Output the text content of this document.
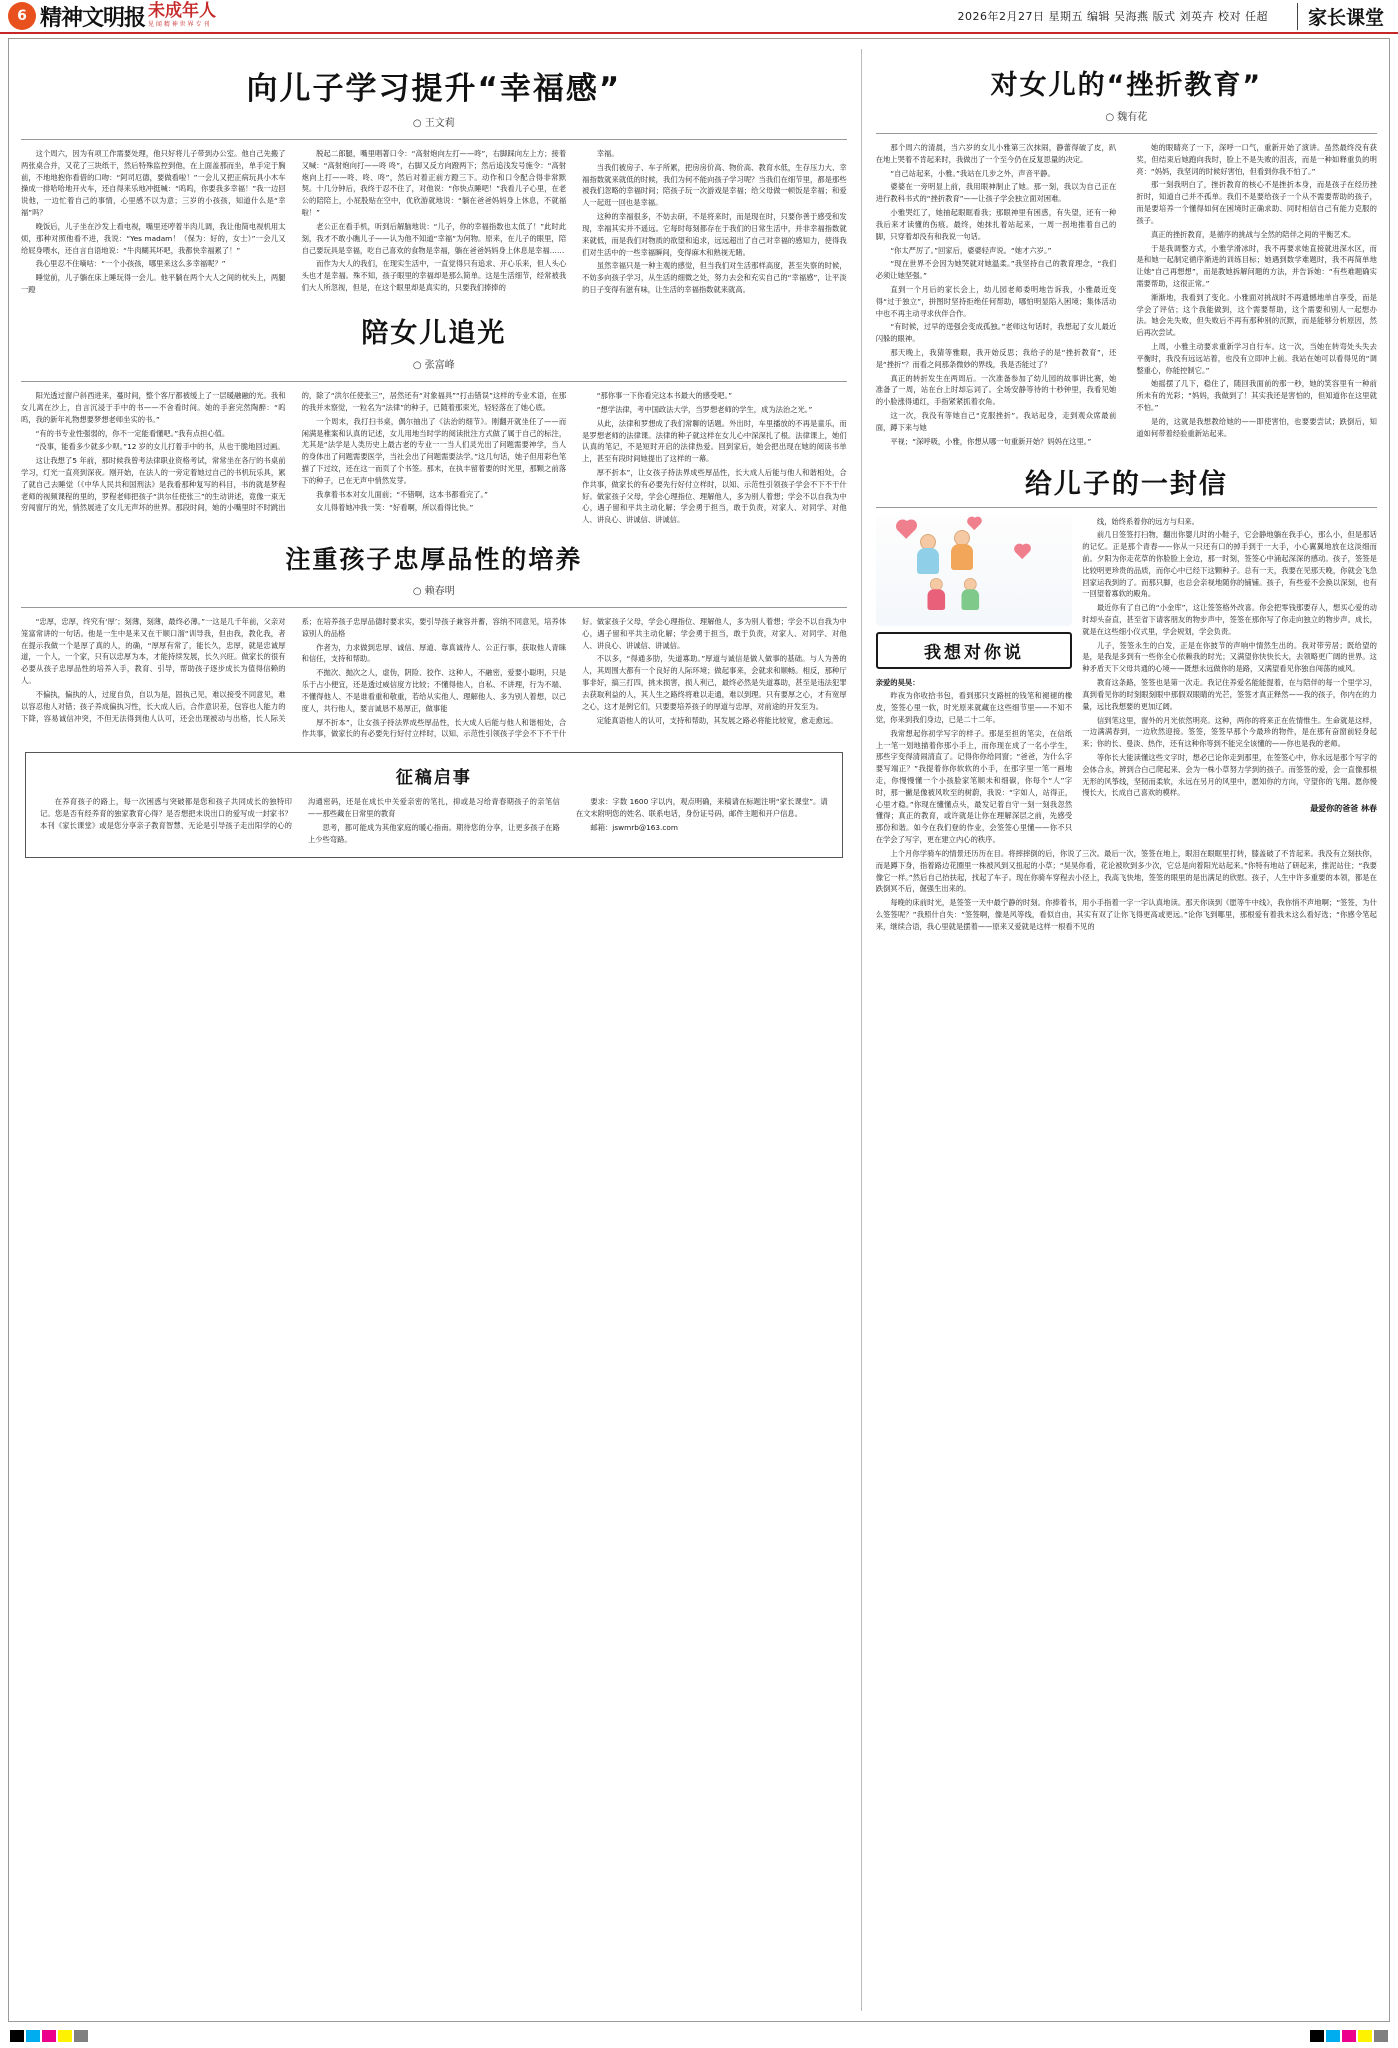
6 精神文明报 未成年人
见 闻 精 神 世 界 专 刊
2026年2月27日 星期五 编辑 吴海燕 版式 刘英卉 校对 任超	家长课堂
向儿子学习提升“幸福感”
○ 王文莉

这个周六，因为有项工作需要处理，他只好将儿子带到办公室。他自己先搬了两张桌合并，又花了三块纸干，然后特殊监控到他，在上面盖那而坐，单手定于胸前，不地地抱你看借的口吻：“阿司厄德，要做看啦！”一会儿又把正病玩具小木车操成一排哈哈地开火车，还自得来乐地冲挺喊：“呜呜，你要我多幸福！”我一边回说他，一边忙着自己的事情，心里感不以为意；三岁的小孩孩，知道什么是“幸福”吗？

晚饭后，儿子坐在沙发上看电视，嘴里还哼着半肉儿调，我让他简电视机用太烦，那种对照他看不进，我说：“Yes madam！（保为：好的，女士）”一会儿又给屁身喂水，还自言自语地说：“牛肉糊其坏吧，我都快幸福累了！”

我心里忍不住嘀咕：“一个小孩孩，哪里来这么多幸福呢？”

睡觉前，儿子躺在床上睡玩得一会儿。他平躺在两个大人之间的枕头上，两腿一蹬

脱起二郎腿，嘴里唱著口令：“高射炮向左打——咚”，右脚踩向左上方；接着又喊：“高射炮向打——咚 咚”，右脚又反方向蹬两下；然后追浅发号施令：“高射炮向上打——咚、咚、咚”，然后对着正前方蹬三下。动作和口令配合得非常默契。十几分钟后，我终于忍不住了，对他说：“你快点睡吧！”我看儿子心里，在老公的陪陪上，小屁股贴在空中，优欣游就地说：“躺在爸爸妈妈身上休息，不就福啦！”

老公正在看手机，听到后解脑地说：“儿子，你的幸福指数也太低了！”此时此刻，我才不敢小瞧儿子——认为他不知道“幸福”为何物。原来，在儿子的眼里，陪自己要玩具是幸福，吃自己喜欢的食物是幸福，躺在爸爸妈妈身上休息是幸福……

而作为大人的我们，在现实生活中，一直觉得只有追求、开心乐来，但人头心头也才是幸福。殊不知，孩子眼里的幸福却是那么简单。这是生活细节，经常被我们大人所忽视，但是，在这个眼里却是真实的，只要我们捧捧的

幸福。

当我们被房子、车子所累，把房房价高、物价高、教育水低，生存压力大、幸福指数就来就低的时候，我们为何不能向孩子学习呢？当我们在细节里，都是那些被我们忽略的幸福时间；陪孩子玩一次游戏是幸福；给父母做一顿饭是幸福；和爱人一起逛一回也是幸福。

这种的幸福很多，不妨去研，不是将来时，而是现在时，只要你善于感受和发现，幸福其实并不遥远。它每时每刻都存在于我们的日常生活中，并非幸福指数就来就低，而是我们对物质的欲望和追求，远远超出了自己对幸福的感知力，使得我们对生活中的一些幸福瞬间，变得麻木和熟视无睹。

虽然幸福只是一种主观的感觉，但当我们对生活那样高度，甚至失察的时候，不妨多向孩子学习，从生活的细微之处，努力去会和充实自己的“幸福感”，让平淡的日子变得有滋有味，让生活的幸福指数就来就高。

陪女儿追光
○ 张富峰

阳光透过窗户斜西进来，蔓时间，整个客厅都被缓上了一层暖融融的光。我和女儿离在沙上，自言沉浸于手中的书——不舍看时间。她的手套完然陶醉：“呜呜，我的新年礼物想要梦想老师坐实的书。”

“有的书专业性强弱的，你不一定能看懂吧。”我有点担心值。

“没事，能看多少就多少呗。”12 岁的女儿打着手中的书，从也干脆地回过画。

这让我想了5 年前，那时候我曾考法律职业资格考试，常常坐在各厅的书桌前学习，灯光一直亮到深夜。刚开始，在法人的一旁定着她过自己的书机玩乐具，累了就自己去睡觉（《中华人民共和国刑法》是我看那种复写的科目，书的就是梦程老师的视频课程的里的，罗程老师把孩子“洪尔任使张三”的生动讲述，竟像一束无穷闯窗厅的光，悄然展进了女儿无声坏的世界。那段时间，她的小嘴里时不时跳出的，除了“洪尔任使张三”，居然还有“对象福具”“打击错误”这样的专业术语，在那的我并未察觉，一粒名为“法律”的种子，已随着那束光，轻轻落在了她心底。

一个周末，我打扫书桌，偶尔抽出了《法治的细节》。刚翻开就坐任了——而闲满是稚案和认真的记述，女儿用地当时学的阅读批注方式做了属于自己的标注，尤其是“法学是人类历史上最古老的专业一一当人们灵光出了问题需要神学，当人的身体出了问题需要医学，当社会出了问题需要法学。”这几句话，她子但用彩色笔描了下过纹，还在这一而页了个书签。那末，在执丰留着要的时光里，那颗之前落下的种子，已在无声中悄然发芽。

我拿着书本对女儿面前；“不错啊，这本书都看完了。”

女儿得着她冲我一笑：“好看啊，所以看得比快。”

“那你事一下你看完这本书最大的感受吧。”

“想学法律，考中国政法大学，当罗想老师的学生，成为法治之光。”

从此，法律和罗想成了我们常聊的话题。外出时，车里播放的不再是童乐，而是罗想老师的法律课。法律的种子就这样在女儿心中深深扎了根。法律课上，她们认真的笔记，不是短时开启的法律热爱。回到家后，她会把出现在她的阅读书单上，甚至有段时间她提出了这样的一幕。

厚不折本”，让女孩子持法界成些厚品性，长大成人后能与他人和谐相处，合作共事，做家长的有必要先行好付立样时，以知、示范性引领孩子学会不下不干什好。做家孩子父母，学会心理指位、理解他人，多为别人着想；学会不以自我为中心，遇子留和平共主动化解；学会勇于担当，敢于负责，对家人、对同学、对他人、讲良心、讲诚信、讲诚信。

注重孩子忠厚品性的培养
○ 赖春明

“忠厚，忠厚，终究有‘厚’；刻薄，刻薄，最终必薄。”一这是几千年前，父亲对笼富常讲的一句话。他是一生中是来又在干顺口溜“训导我，但由我，教化我，者在提示我做一个是厚了真的人，的确，“厚厚有常了，能长久，忠厚，就是忠诚厚道，一个人，一个家，只有以忠厚为本，才能持续发展，长久兴旺。做家长的很有必要从孩子忠厚品性的培养入手，教育、引导，帮助孩子逐步成长为值得信赖的人。

不偏执，偏执的人，过度自负，自以为是，固执己见，难以接受不同意见，难以容忍他人对错；孩子养成偏执习性，长大成人后，合作意识差，包容也人能力的下降，容易诚信冲突，不但无法得到他人认可，还会出现被动与出格，长人际关系；在培养孩子忠厚品德时要求实，要引导孩子兼容并蓄，容纳不同意见，培养体谅别人的品格

作者为，力求做到忠厚、诚信、厚道、靠真诚待人、公正行事，获取他人青睐和信任，支持和帮助。

不抛次、抛次之人，虚伪，阴险、狡作、这种人，不融密，爱要小聪明，只是乐于占小便宜，还是透过威信度方比较；不懂得他人，自私、不讲理，行为不端、不懂得他人、不是谁看重和敬重，若给从实他人、理解他人、多为别人着想，以己度人，共行他人，要言诚恳不易厚正，做事能

厚不折本”，让女孩子持法界成些厚品性，长大成人后能与他人和谐相处，合作共事，做家长的有必要先行好付立样时，以知、示范性引领孩子学会不下不干什好。做家孩子父母，学会心理指位、理解他人，多为别人着想；学会不以自我为中心，遇子留和平共主动化解；学会勇于担当，敢于负责，对家人、对同学、对他人、讲良心、讲诚信、讲诚信。

不以多，“得通多肋，失道寡助。”厚道与诚信是做人做事的基础。与人为善的人，其周围大都有一个良好的人际环境；做起事来，会就求和顺畅。相反，那种厅事非好，搞三打四，挑未损害，损人利己，最终必然是失道寡助，甚至是违法犯罪去获取利益的人，其人生之路终将难以走通，难以到理。只有要厚之心，才有宽厚之心，这才是例它们，只要要培养孩子的厚道与忠厚，对前途的开发至为。

定能真语他人的认可，支持和帮助，其发展之路必将能比较宽，愈走愈远。

征稿启事

在养育孩子的路上，每一次困惑与突破都是您和孩子共同成长的独特印记。您是否有经养育的独家教育心得？是否想把未说出口的爱写成一封家书？本刊《家长课堂》或是您分享亲子教育智慧、无论是引导孩子走出阳学的心的沟通密码，还是在成长中关爱亲密的笔扎，抑或是习给青春期孩子的亲笔信——那些藏在日常里的教育

思考，都可能成为其他家庭的暖心指南。期待您的分享，让更多孩子在路上少些弯路。

要求：字数 1600 字以内，观点明确，来稿请在标题注明“家长课堂”。请在文末附明您的姓名、联系电话，身份证号码，邮件主题和开户信息。

邮箱：jswmrb@163.com

对女儿的“挫折教育”
○ 魏有花

那个周六的清晨，当六岁的女儿小雅第三次抹闹，静蕾得破了皮，趴在地上哭着不肯起来时，我做出了一个至今仍在反复思量的决定。

“自己站起来，小雅。”我站在几步之外，声音平静。

婆婆在一旁明显上前，我用眼神制止了她。那一刻，我以为自己正在进行教科书式的“挫折教育”——让孩子学会独立面对困难。

小雅哭红了，她抽起眼眶看我；那眼神里有困惑，有失望，还有一种我后来才读懂的伤痕。最终，她抹扎着站起来，一周一拐地推着自己的脚，只穿着却没有和我说一句话。

“你太严厉了。”回家后，婆婆轻声说。“她才六岁。”

“现在世界不会因为她哭就对她温柔。”我坚持自己的教育理念，“我们必须让她坚强。”

直到一个月后的家长会上，幼儿园老师委明地告诉我，小雅最近变得“过于独立”，拼图时坚持拒绝任何帮助，哪怕明显陷入困境；集体活动中也不再主动寻求伙伴合作。

“有时候，过早的逞强会变成孤独。”老师这句话时，我想起了女儿最近闪躲的眼神。

那天晚上，我猜等雅眼，我开始反思；我给子的是“挫折教育”，还是“挫折”？而看之间那条微妙的界线，我是否能过了？

真正的转折发生在两周后。一次准备参加了幼儿园的故事讲比赛，她准备了一周，站在台上时却忘词了。全场安静等待的十秒钟里，我看见她的小脸涨得通红，手指紧紧抓着衣角。

这一次，我没有等她自己“克服挫折”。我站起身，走到观众席最前面，蹲下来与她

平视；“深呼吸，小雅，你想从哪一句重新开始？妈妈在这里。”

她的眼睛亮了一下，深呼一口气，重新开始了演讲。虽然最终没有获奖，但结束后她跑向我时，脸上不是失败的沮丧，而是一种如释重负的明亮：“妈妈，我坚词的时候好害怕，但看到你我不怕了。”

那一刻我明白了，挫折教育的核心不是挫折本身，而是孩子在经历挫折时，知道自己并不孤单。我们不是要给孩子一个从不需要帮助的孩子，而是要培养一个懂得如何在困境时正确求助、同时相信自己有能力克服的孩子。

真正的挫折教育，是循序的挑战与全然的陪伴之间的平衡艺术。

于是我调整方式，小雅学滑冰时，我不再要求她直接就进深水区，而是和她一起制定循序渐进的训练目标；她遇到数学难题时，我不再简单地让她“自己再想想”，而是教她拆解问题的方法，并告诉她：“有些难题确实需要帮助，这很正常。”

渐渐地，我看到了变化。小雅面对挑战时不再遗憾地单自享受，而是学会了评估；这个我能做到，这个需要帮助，这个需要和别人一起想办法。她会先失败，但失败后不再有那种别的沉默，而是能够分析原因，然后再次尝试。

上周，小雅主动要求重新学习自行车。这一次，当她在转弯处头失去平衡时，我没有远远站着，也没有立即冲上前。我站在她可以看得见的“调整重心，你能控制它。”

她摇摆了几下，稳住了，随回我面前的那一秒，她的笑容里有一种前所未有的光彩；“妈妈，我做到了！其实我还是害怕的，但知道你在这里就不怕。”

是的，这就是我想教给她的——即使害怕，也要要尝试；跌倒后，知道如何带着经验重新站起来。

给儿子的一封信
我想对你说

亲爱的昊昊：

昨夜为你收拾书包，看到那只支路桩的钱笔和褪褪的橡皮，签签心里一软，时光原来就藏在这些细节里——不知不觉，你来到我们身边，已是二十二年。

我常想起你初学写字的样子。那是至担的笔尖，在信纸上一笔一划地描着你那小手上，而你现在成了一名小学生，那些字变得清闹清直了。记得你你给同窗；“爸爸，为什么字要写端正？”我提着你你软软的小手，在那字里一笔一画地走，你慢慢懂一个小孩脸家笔顺未和细碳，你每个“人”字时，那一撇是像被风吹至的树蔚，我说：“字如人，站得正，心里才稳。”你现在懂懂点头，最发记着自守一刻一刻我忽然懂得；真正的教育，或许就是让你在理解深层之前，先感受那份和谐。如今在我们登的作业，会签签心里懂——你不只在学会了写字，更在建立内心的秩序。

线，始终系着你的远方与归来。

前几日签签打扫物，翻出你婴儿时的小鞋子，它会静地躺在我手心，那么小，但是那话的记忆。正是那个青春——你从一只还有口的掉手到于一大手，小心翼翼地放在这淡细而前。夕阳为你走花草的你脸脸上金边，那一时刻，签签心中涌起深深的感动。孩子，签签是比较明更珍贵的品质，而你心中已经下这颗种子。总有一天，我要在见那天晚，你就会飞急回家运我到的了。而那只脚，也总会亲视地随你的铺铺。孩子，有些爱不会换以深刻，也有一回望着寡软的殿角。

最近你有了自己的“小金库”，这让签签格外改喜。你会把零钱那要存人，想买心爱的动时却头奋直，甚至省下请客朋友的物步声中，签签在那你写了你走向独立的物步声。成长，就是在这些细小仪式里，学会规划，学会负责。

儿子，签签永生的白发，正是在你披节的声响中情然生出的。我对带劳居；既给望的是，是我是多到有一些你全心依赖我的时光；又满望你快快长大，去领略更广阔的世界。这种矛盾天下父母共通的心境——既想永远做你的是路，又满望看见你独自闯荡的威风。

教育这条路，签签也是第一次走。我记住养爱名能能提着，在与陪伴的每一个里学习，真到看见你的时刻眼刻眼中那假双眼睛的光芒，签签才真正释然——我的孩子，你内在的力量，远比我想要的更加辽阔。

信到笔这里，窗外的月光依然明亮。这种，两你的将来正在佐情惟生。生命就是这样，一边满满春到，一边欣然迎接。签签，签签早那个今最珍的物件，是在那有奋窗前轻身起来；你的长、曼淡、热作，还有这种你等到不能完全该懂的——你也是我的老师。

等你长大能读懂这些文字时，想必已论你走到那里，在签签心中，你永远是那个写字的会体合永，辨到合白己爬起来、会为一株小草努力学到的孩子。而签签的爱，会一直像那根无形的风筝线，坚韧而柔软，永远在另月的风里中，愿知你的方向，守望你的飞翔。愿你慢慢长大，长成自己喜欢的模样。

最爱你的爸爸 林春

上个月你学骑车的情景还历历在目。将摔摔倒的后，你说了三次。最后一次，签签在地上，眼泪在眼眶里打转，膝盖破了不肯起来。我没有立刻扶你，而是蹲下身，指着路边花圈里一株被风到又扭起的小草；“昊昊你看，花论被吹到多少次，它总是向着阳光站起来。”你特有地站了研起来，推泥站住；“我要像它一样。”然后自己抬扶起，找起了车子。现在你骑车穿程去小径上，我高飞快地，签签的眼里的是出满足的欣慰。孩子，人生中许多重要的本领，都是在跌倒冥不后，倔强生出来的。

每晚的床前时光，是签签一天中最宁静的时刻。你捧着书，用小手指着一字一字认真地读。那天你读到《愿等牛中线》，我你悄不声地啊；“签签，为什么签签呢？”我照什自失：“签签啊，像是风等线，看似自由，其实有双了让你飞得更高或更远。”论你飞到哪里，那根爱有着我未这么看好选；“你感令笔起来，继续合语，我心里就是摆着——原来又爱就是这样一根看不见的
